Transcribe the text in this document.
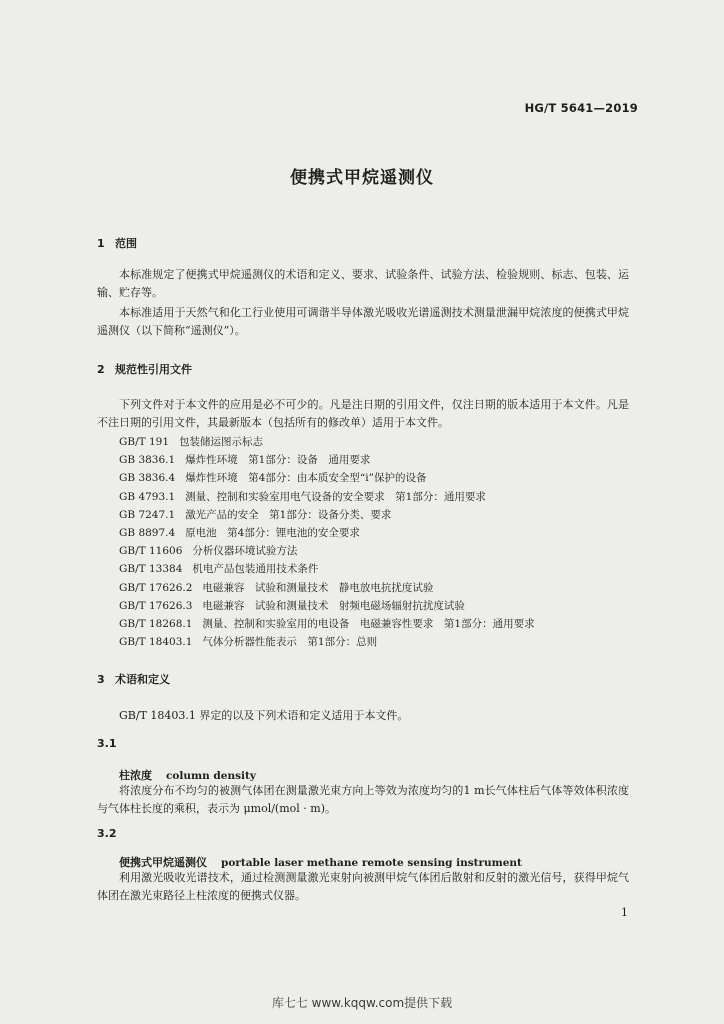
HG/T 5641—2019
便携式甲烷遥测仪
1 范围

本标准规定了便携式甲烷遥测仪的术语和定义、要求、试验条件、试验方法、检验规则、标志、包装、运输、贮存等。

本标准适用于天然气和化工行业使用可调谐半导体激光吸收光谱遥测技术测量泄漏甲烷浓度的便携式甲烷遥测仪（以下简称“遥测仪”）。

2 规范性引用文件

下列文件对于本文件的应用是必不可少的。凡是注日期的引用文件，仅注日期的版本适用于本文件。凡是不注日期的引用文件，其最新版本（包括所有的修改单）适用于本文件。

GB/T 191 包装储运图示标志
GB 3836.1 爆炸性环境　第1部分：设备　通用要求
GB 3836.4 爆炸性环境　第4部分：由本质安全型“i”保护的设备
GB 4793.1 测量、控制和实验室用电气设备的安全要求　第1部分：通用要求
GB 7247.1 激光产品的安全　第1部分：设备分类、要求
GB 8897.4 原电池　第4部分：锂电池的安全要求
GB/T 11606 分析仪器环境试验方法
GB/T 13384 机电产品包装通用技术条件
GB/T 17626.2 电磁兼容　试验和测量技术　静电放电抗扰度试验
GB/T 17626.3 电磁兼容　试验和测量技术　射频电磁场辐射抗扰度试验
GB/T 18268.1 测量、控制和实验室用的电设备　电磁兼容性要求　第1部分：通用要求
GB/T 18403.1 气体分析器性能表示　第1部分：总则
3 术语和定义

GB/T 18403.1 界定的以及下列术语和定义适用于本文件。

3.1

柱浓度 column density

将浓度分布不均匀的被测气体团在测量激光束方向上等效为浓度均匀的1 m长气体柱后气体等效体积浓度与气体柱长度的乘积，表示为 μmol/(mol · m)。

3.2

便携式甲烷遥测仪 portable laser methane remote sensing instrument

利用激光吸收光谱技术，通过检测测量激光束射向被测甲烷气体团后散射和反射的激光信号，获得甲烷气体团在激光束路径上柱浓度的便携式仪器。

1
库七七 www.kqqw.com提供下载
